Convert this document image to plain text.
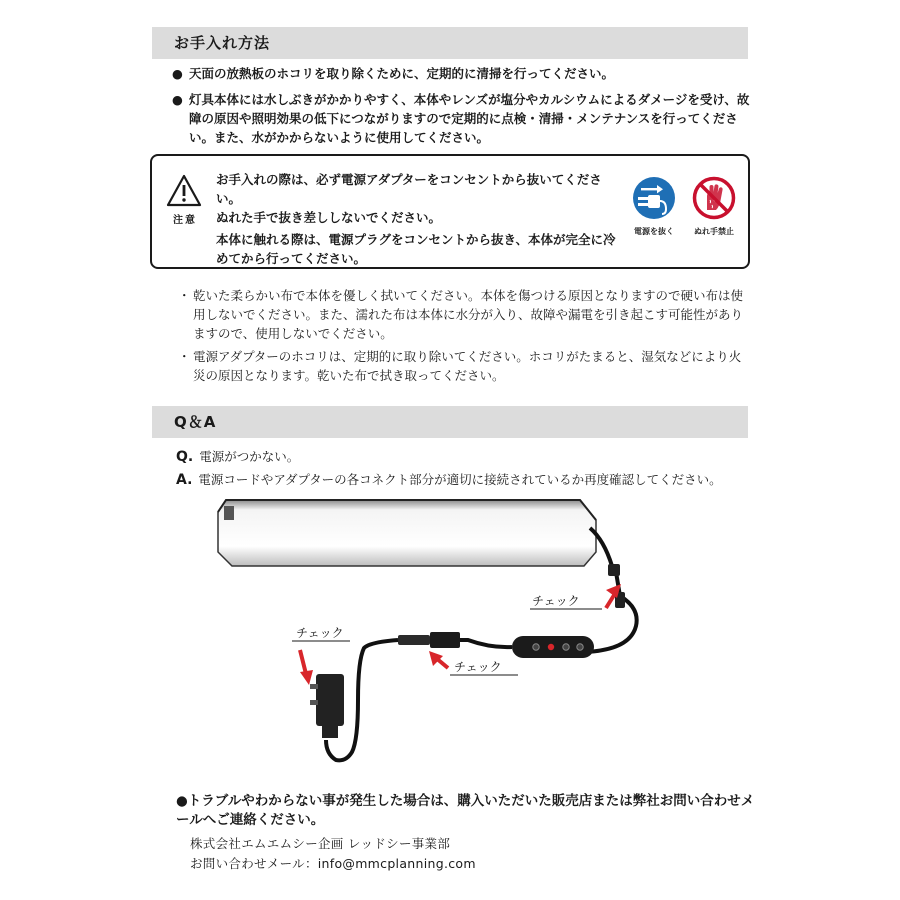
お手入れ方法
● 天面の放熱板のホコリを取り除くために、定期的に清掃を行ってください。
● 灯具本体には水しぶきがかかりやすく、本体やレンズが塩分やカルシウムによるダメージを受け、故障の原因や照明効果の低下につながりますので定期的に点検・清掃・メンテナンスを行ってください。また、水がかからないように使用してください。
注意

お手入れの際は、必ず電源アダプターをコンセントから抜いてください。

ぬれた手で抜き差ししないでください。

本体に触れる際は、電源プラグをコンセントから抜き、本体が完全に冷めてから行ってください。

電源を抜く	ぬれ手禁止
・ 乾いた柔らかい布で本体を優しく拭いてください。本体を傷つける原因となりますので硬い布は使用しないでください。また、濡れた布は本体に水分が入り、故障や漏電を引き起こす可能性がありますので、使用しないでください。
・ 電源アダプターのホコリは、定期的に取り除いてください。ホコリがたまると、湿気などにより火災の原因となります。乾いた布で拭き取ってください。
Q＆A
Q. 電源がつかない。
A. 電源コードやアダプターの各コネクト部分が適切に接続されているか再度確認してください。
チェック
チェック
チェック
●トラブルやわからない事が発生した場合は、購入いただいた販売店または弊社お問い合わせメールへご連絡ください。
株式会社エムエムシー企画 レッドシー事業部
お問い合わせメール：info@mmcplanning.com
